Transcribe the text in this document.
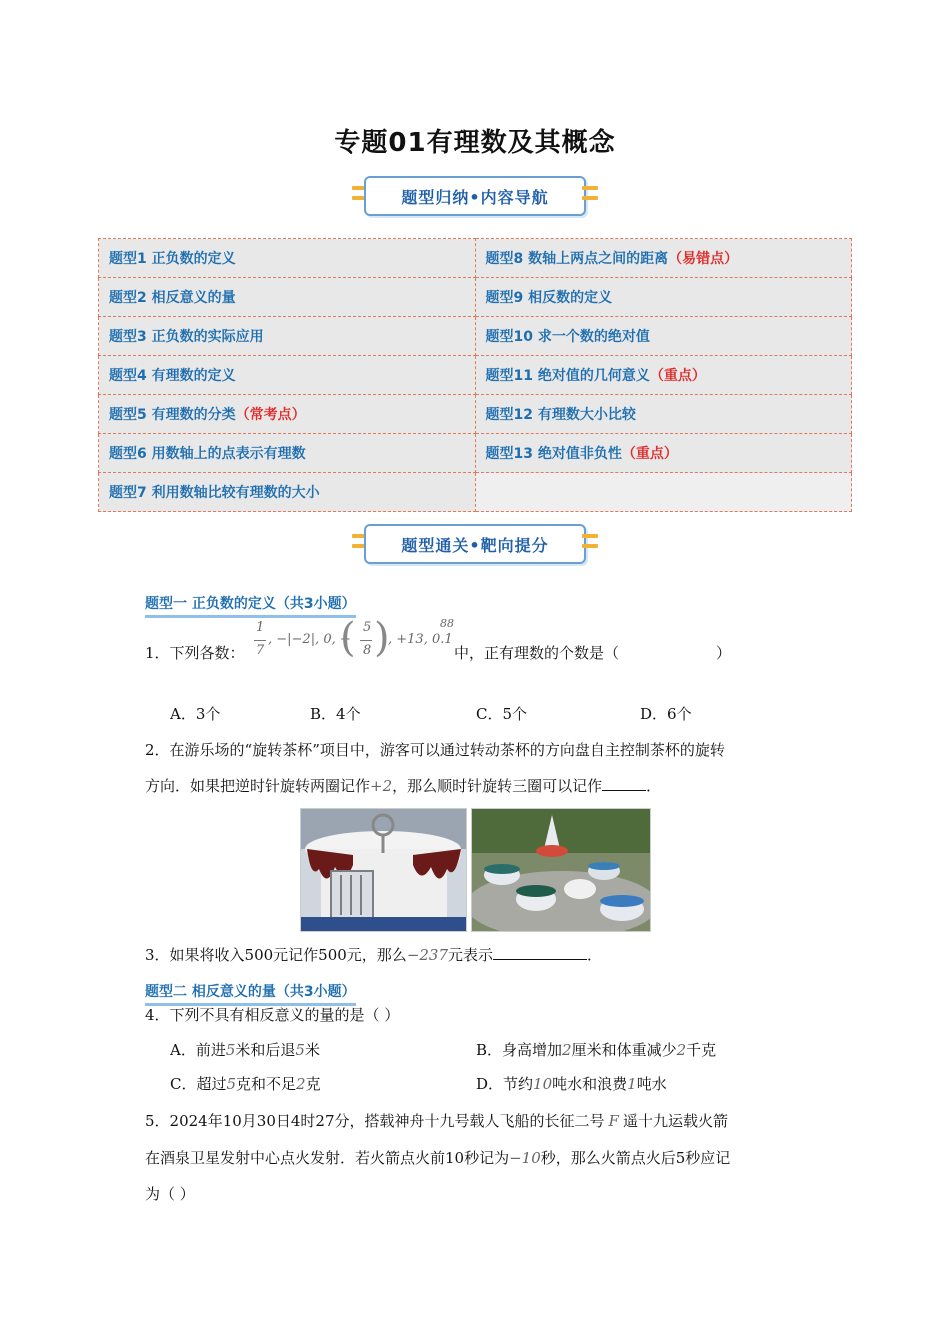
专题01有理数及其概念
题型归纳•内容导航
题型1 正负数的定义	题型8 数轴上两点之间的距离（易错点）
题型2 相反意义的量	题型9 相反数的定义
题型3 正负数的实际应用	题型10 求一个数的绝对值
题型4 有理数的定义	题型11 绝对值的几何意义（重点）
题型5 有理数的分类（常考点）	题型12 有理数大小比较
题型6 用数轴上的点表示有理数	题型13 绝对值非负性（重点）
题型7 利用数轴比较有理数的大小	
题型通关•靶向提分
题型一 正负数的定义（共3小题）
1．下列各数：
1
7
, −|−2|, 0, −
( 5
8 )
, +13, 0.1
88
中，正有理数的个数是（	）
A．3个	B．4个	C．5个	D．6个
2．在游乐场的“旋转茶杯”项目中，游客可以通过转动茶杯的方向盘自主控制茶杯的旋转
方向．如果把逆时针旋转两圈记作+2，那么顺时针旋转三圈可以记作	．
3．如果将收入500元记作500元，那么−237元表示	．
题型二 相反意义的量（共3小题）
4．下列不具有相反意义的量的是（ ）
A．前进5米和后退5米	B．身高增加2厘米和体重减少2千克
C．超过5克和不足2克	D．节约10吨水和浪费1吨水
5．2024年10月30日4时27分，搭载神舟十九号载人飞船的长征二号 F 遥十九运载火箭
在酒泉卫星发射中心点火发射．若火箭点火前10秒记为−10秒，那么火箭点火后5秒应记
为（ ）
